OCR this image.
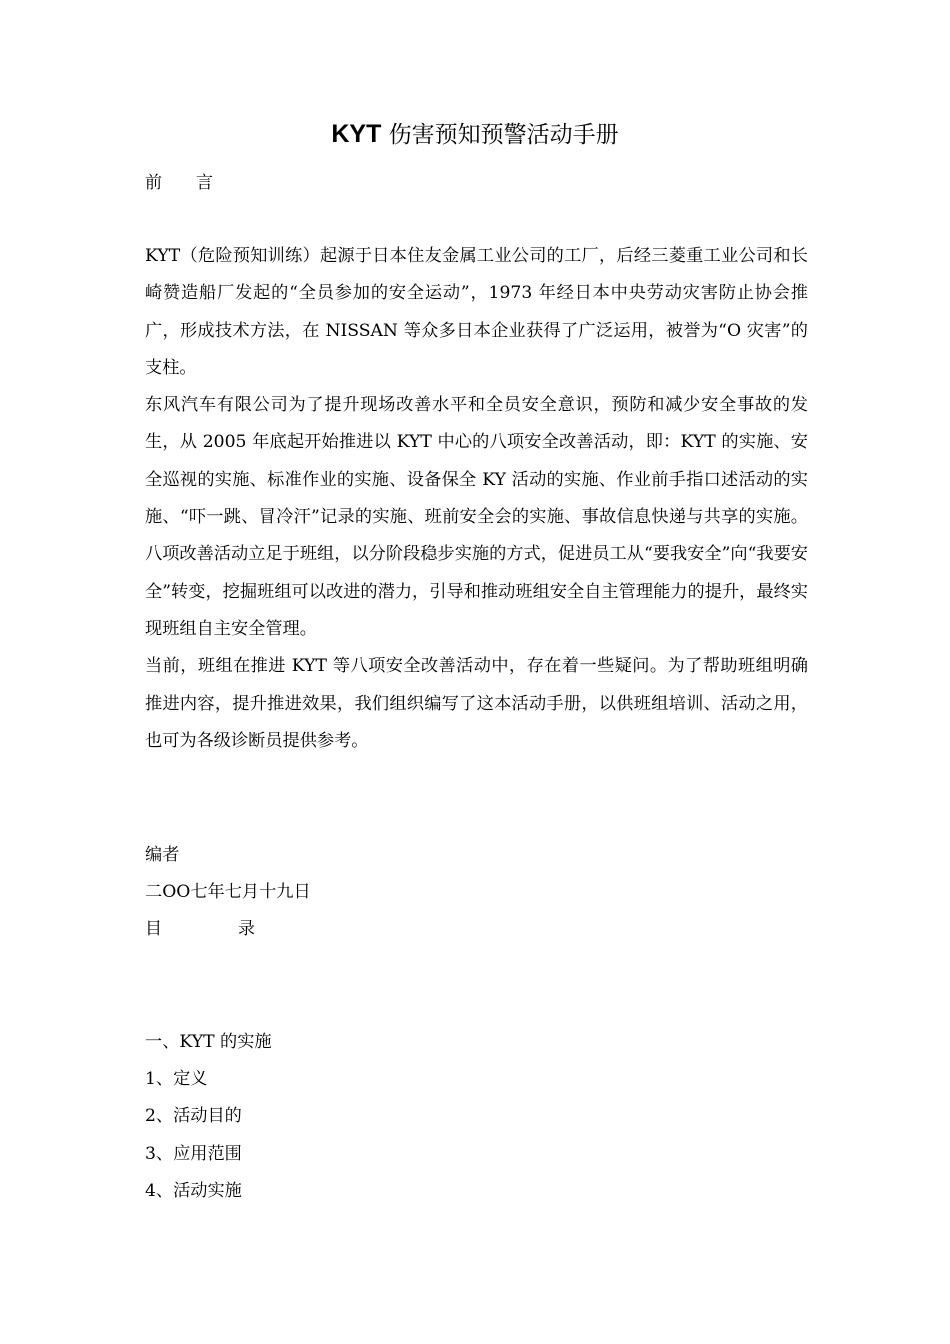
KYT 伤害预知预警活动手册
前 言

KYT（危险预知训练）起源于日本住友金属工业公司的工厂，后经三菱重工业公司和长崎赞造船厂发起的“全员参加的安全运动”，1973 年经日本中央劳动灾害防止协会推广，形成技术方法，在 NISSAN 等众多日本企业获得了广泛运用，被誉为“O 灾害”的支柱。

东风汽车有限公司为了提升现场改善水平和全员安全意识，预防和减少安全事故的发生，从 2005 年底起开始推进以 KYT 中心的八项安全改善活动，即：KYT 的实施、安全巡视的实施、标准作业的实施、设备保全 KY 活动的实施、作业前手指口述活动的实施、“吓一跳、冒冷汗”记录的实施、班前安全会的实施、事故信息快递与共享的实施。八项改善活动立足于班组，以分阶段稳步实施的方式，促进员工从“要我安全”向“我要安全”转变，挖掘班组可以改进的潜力，引导和推动班组安全自主管理能力的提升，最终实现班组自主安全管理。

当前，班组在推进 KYT 等八项安全改善活动中，存在着一些疑问。为了帮助班组明确推进内容，提升推进效果，我们组织编写了这本活动手册，以供班组培训、活动之用，也可为各级诊断员提供参考。

编者
二OO七年七月十九日
目	录
一、KYT 的实施
1、定义
2、活动目的
3、应用范围
4、活动实施
